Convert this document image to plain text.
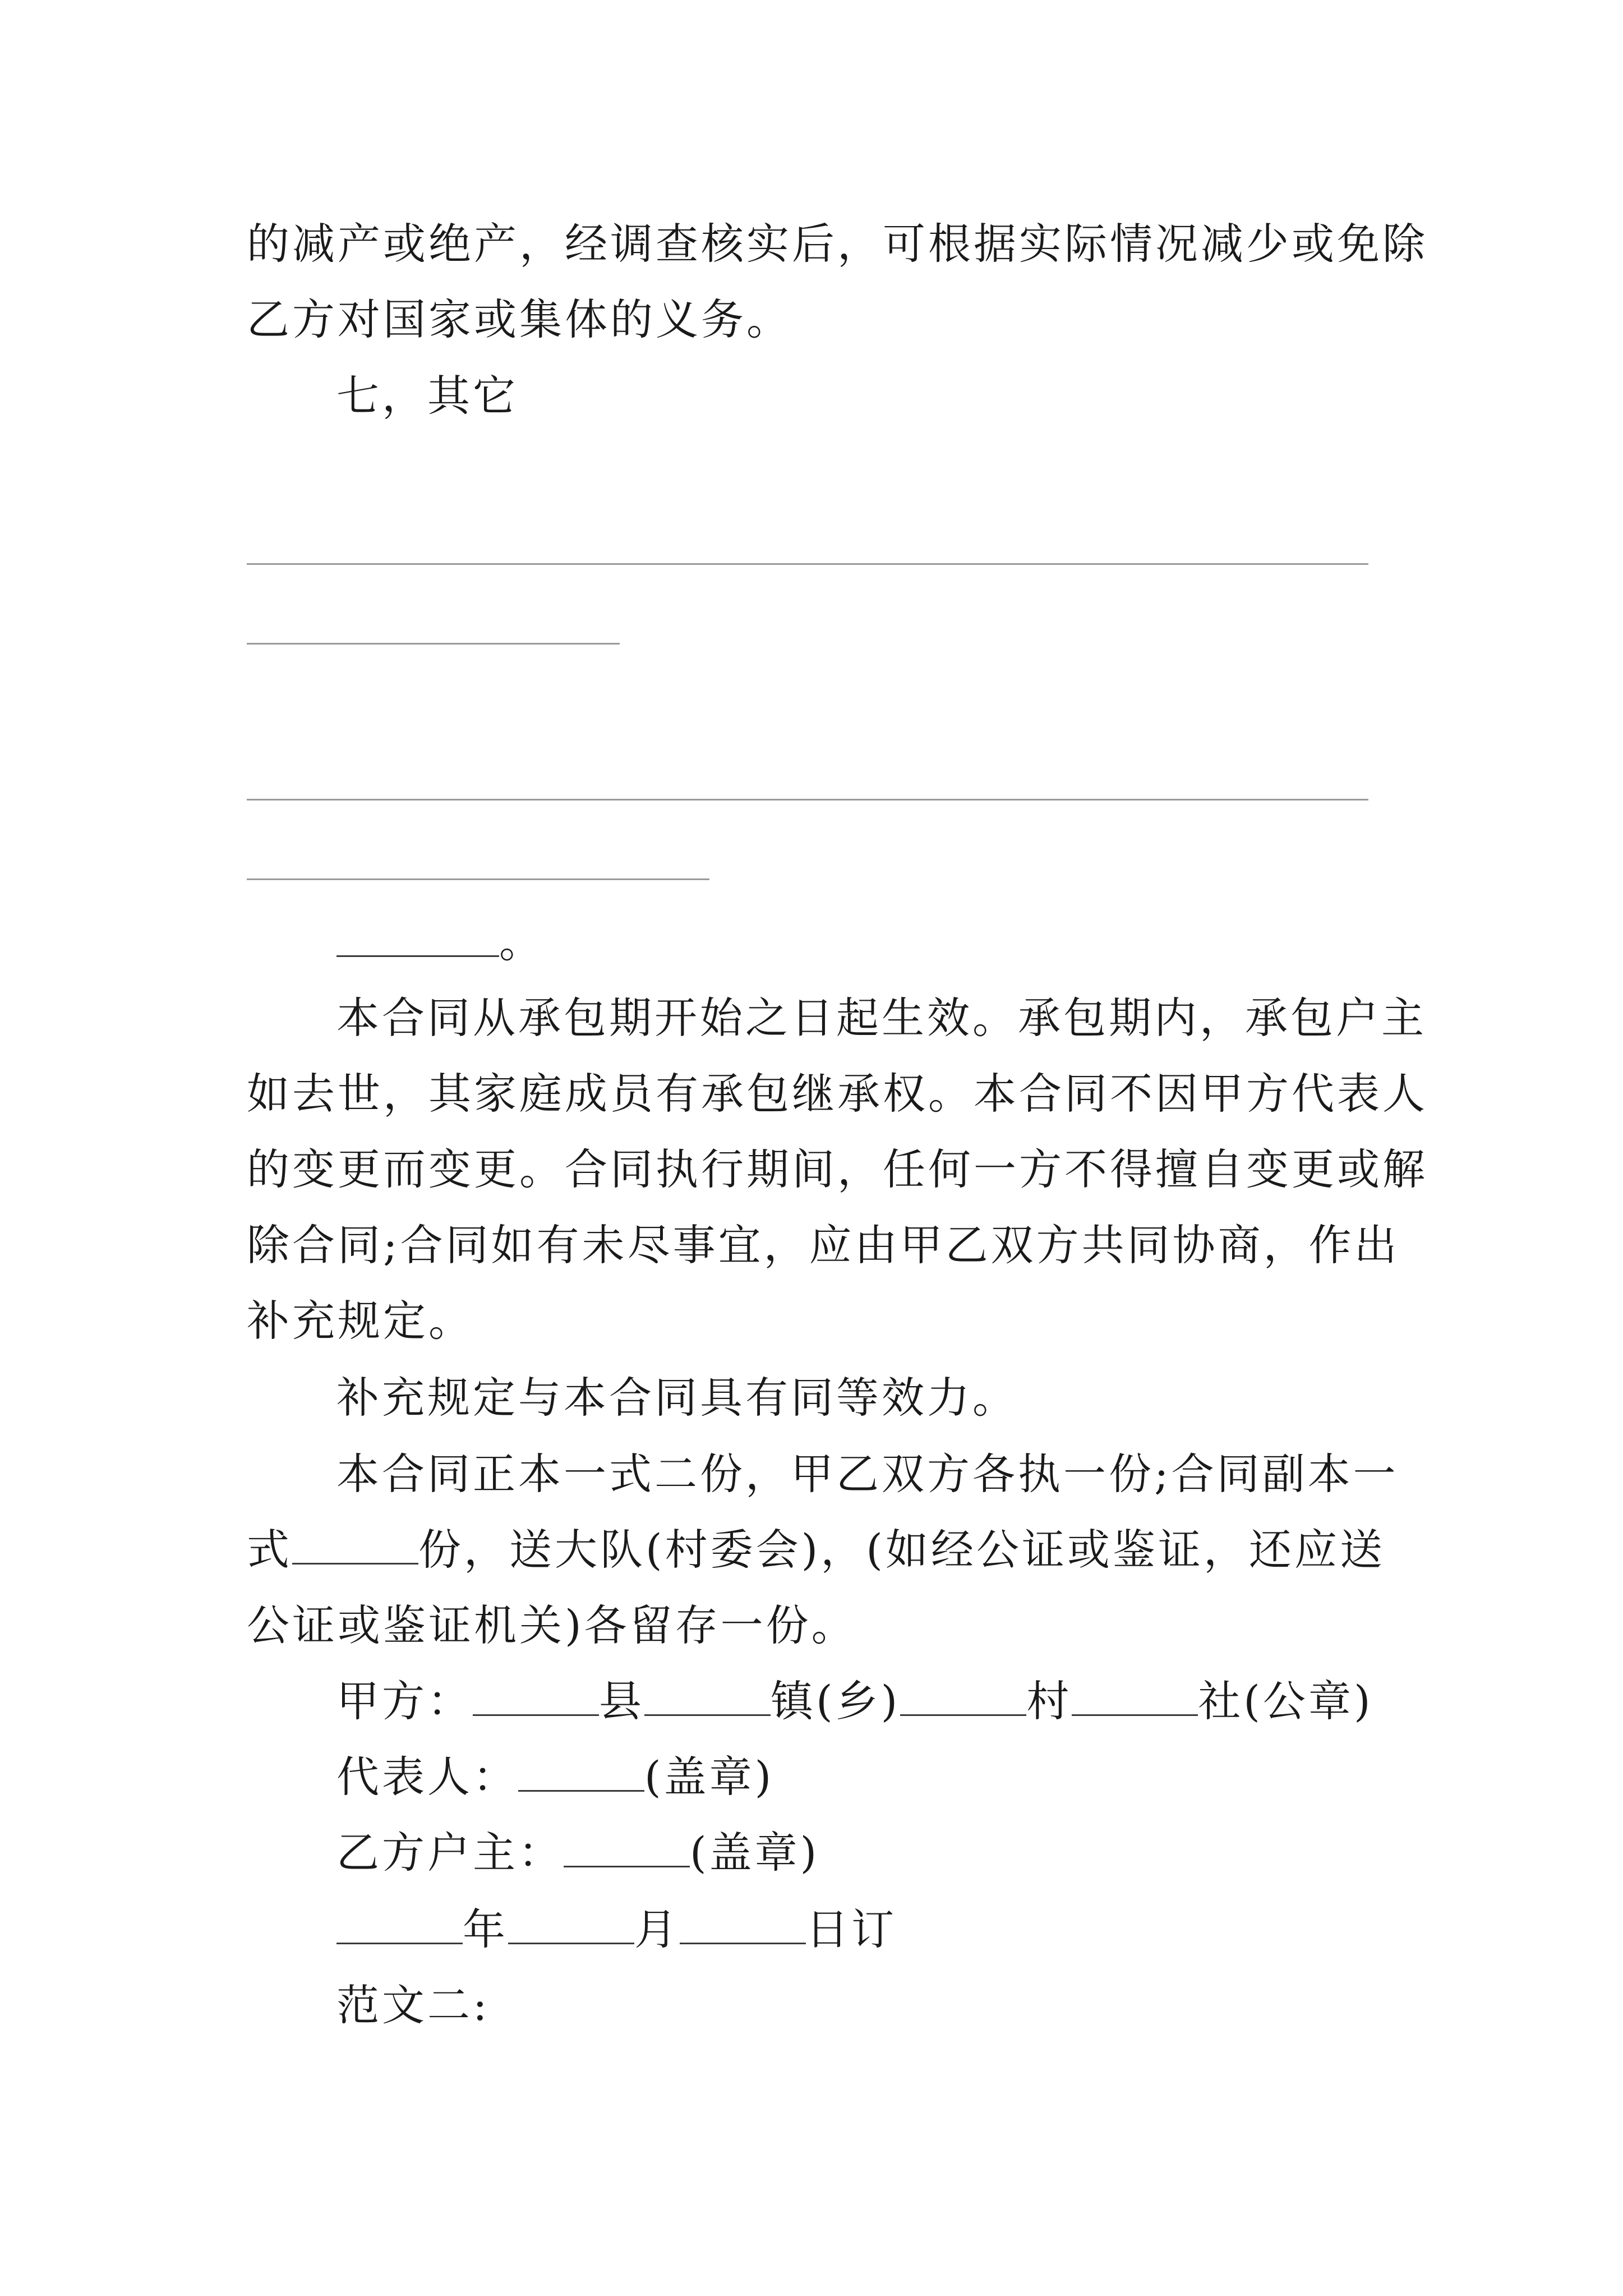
的减产或绝产，经调查核实后，可根据实际情况减少或免除
乙方对国家或集体的义务。
七，其它
。
本合同从承包期开始之日起生效。承包期内，承包户主
如去世，其家庭成员有承包继承权。本合同不因甲方代表人
的变更而变更。合同执行期间，任何一方不得擅自变更或解
除合同;合同如有未尽事宜，应由甲乙双方共同协商，作出
补充规定。
补充规定与本合同具有同等效力。
本合同正本一式二份，甲乙双方各执一份;合同副本一
式	份，送大队(村委会)，(如经公证或鉴证，还应送
公证或鉴证机关)各留存一份。
甲方：	县	镇(乡)	村	社(公章)
代表人：	(盖章)
乙方户主：	(盖章)
年	月	日订
范文二:
